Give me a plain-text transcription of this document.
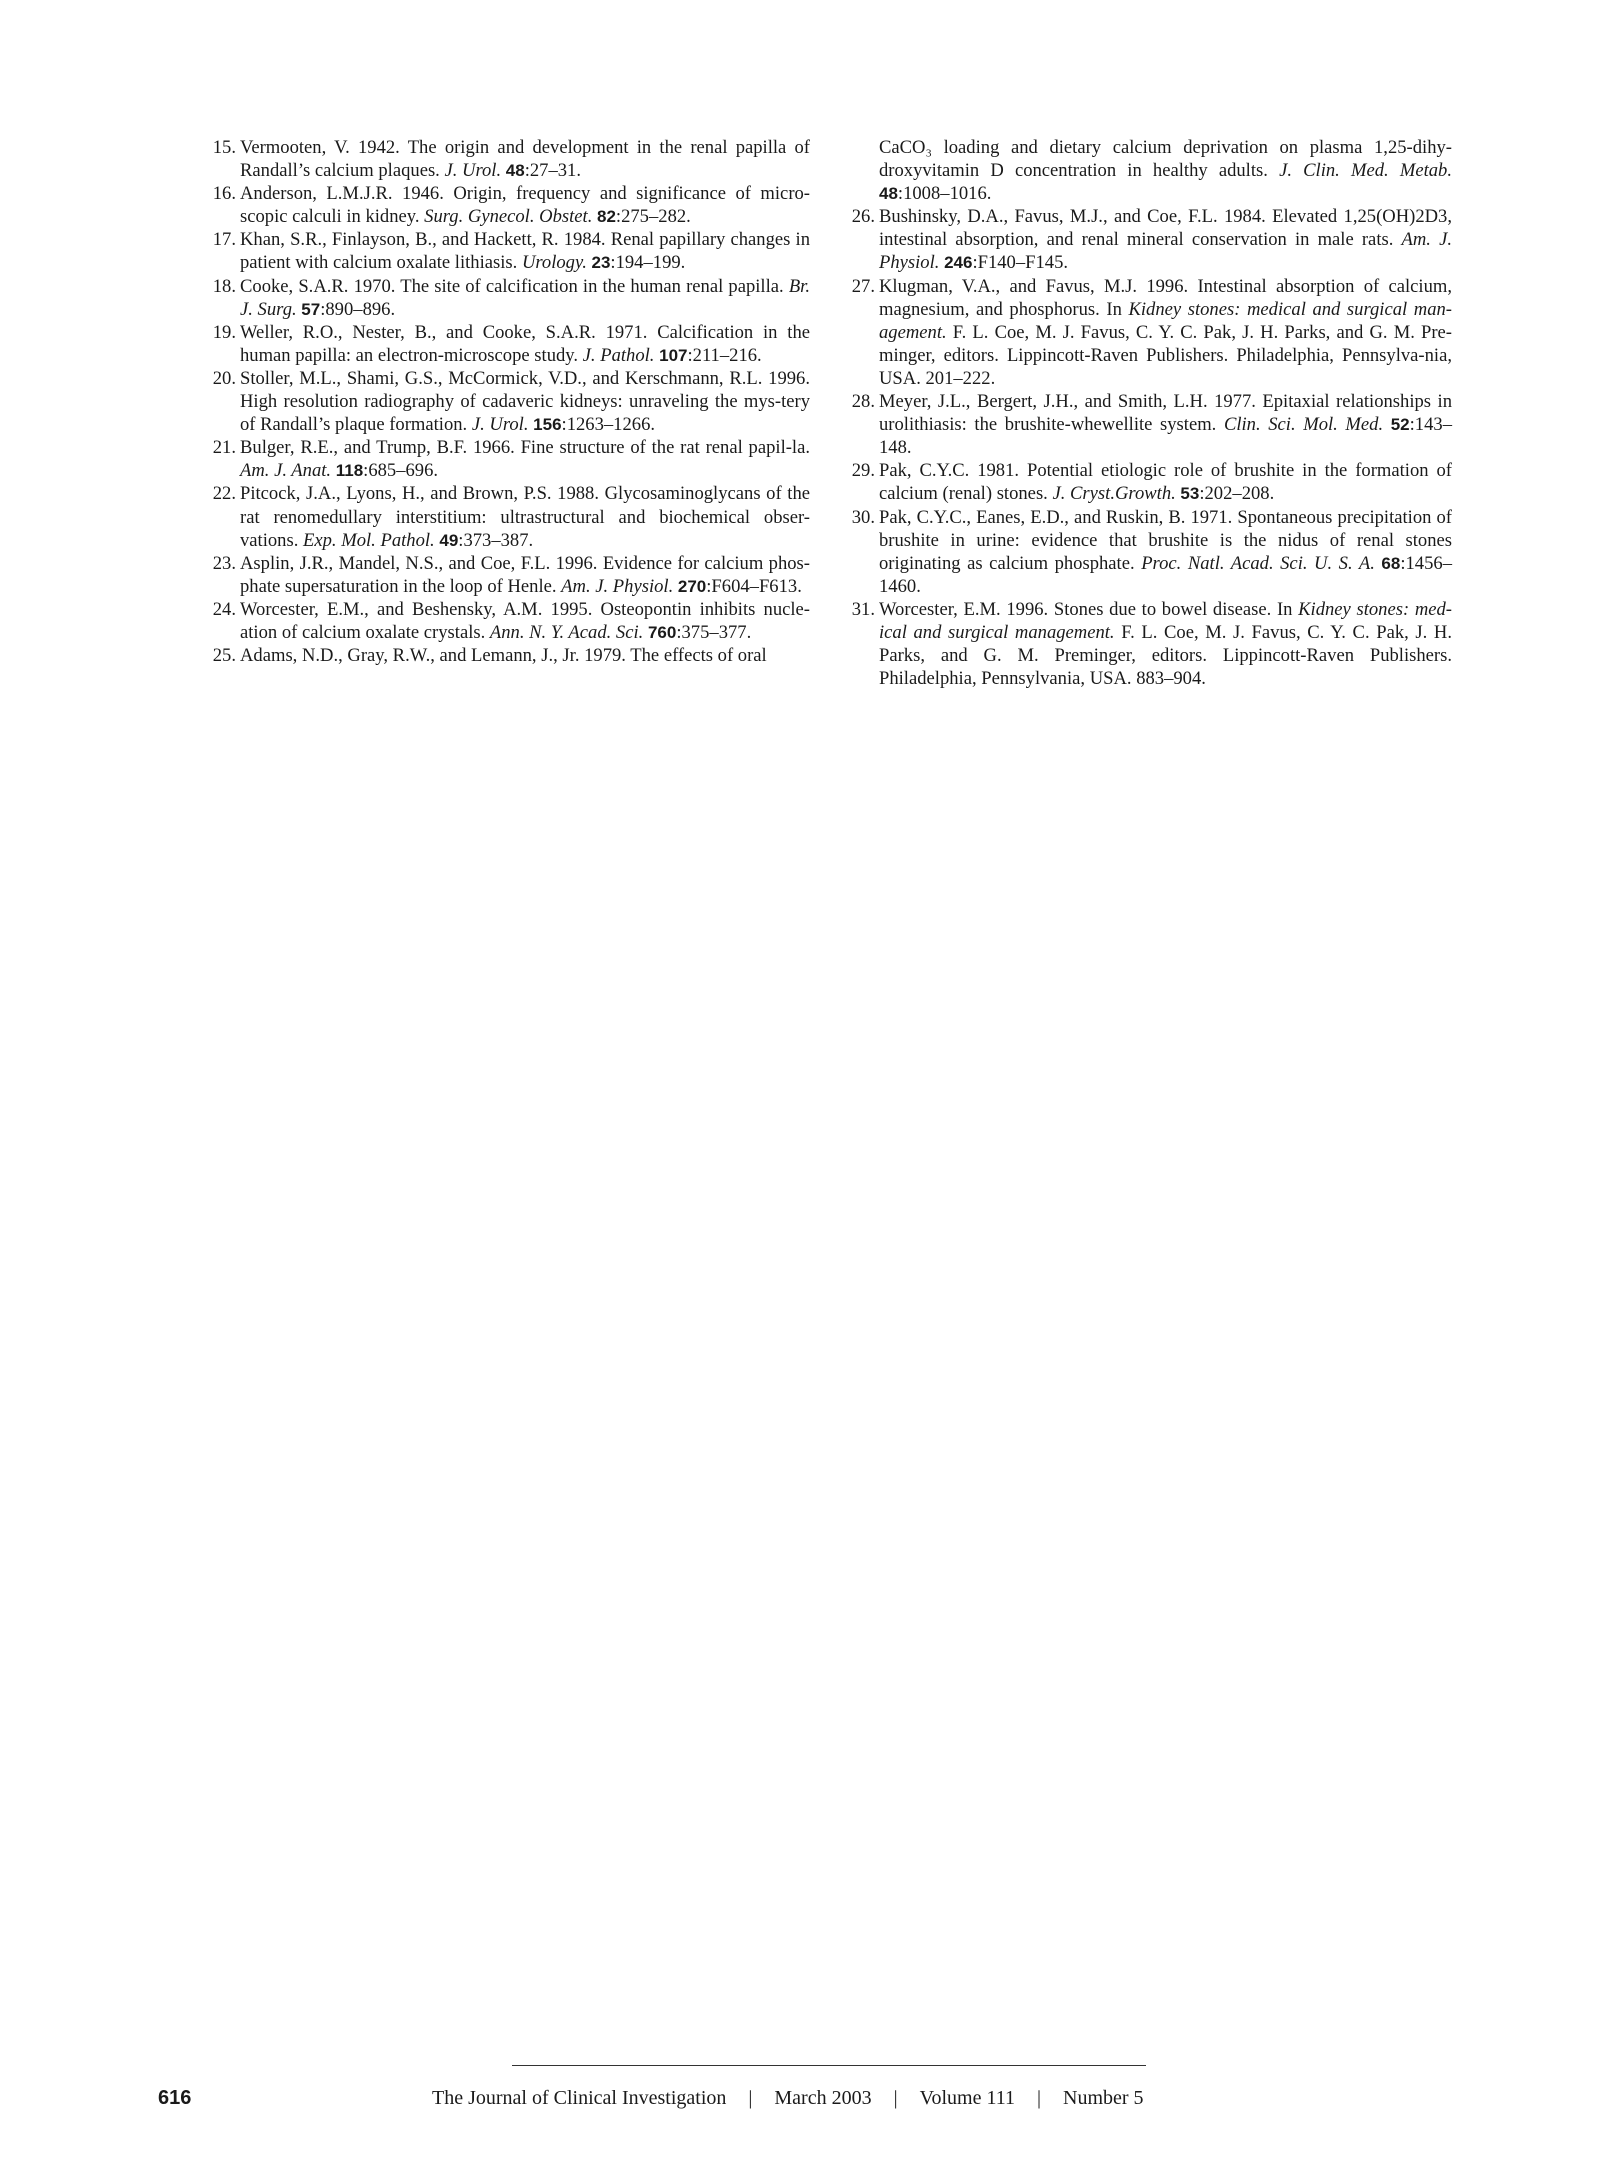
15 . Vermooten, V. 1942. The origin and development in the renal papilla of Randall’s calcium plaques. J. Urol. 48:27–31.
16 . Anderson, L.M.J.R. 1946. Origin, frequency and significance of micro-scopic calculi in kidney. Surg. Gynecol. Obstet. 82:275–282.
17 . Khan, S.R., Finlayson, B., and Hackett, R. 1984. Renal papillary changes in patient with calcium oxalate lithiasis. Urology. 23:194–199.
18 . Cooke, S.A.R. 1970. The site of calcification in the human renal papilla. Br. J. Surg. 57:890–896.
19 . Weller, R.O., Nester, B., and Cooke, S.A.R. 1971. Calcification in the human papilla: an electron-microscope study. J. Pathol. 107:211–216.
20 . Stoller, M.L., Shami, G.S., McCormick, V.D., and Kerschmann, R.L. 1996. High resolution radiography of cadaveric kidneys: unraveling the mys-tery of Randall’s plaque formation. J. Urol. 156:1263–1266.
21 . Bulger, R.E., and Trump, B.F. 1966. Fine structure of the rat renal papil-la. Am. J. Anat. 118:685–696.
22 . Pitcock, J.A., Lyons, H., and Brown, P.S. 1988. Glycosaminoglycans of the rat renomedullary interstitium: ultrastructural and biochemical obser-vations. Exp. Mol. Pathol. 49:373–387.
23 . Asplin, J.R., Mandel, N.S., and Coe, F.L. 1996. Evidence for calcium phos-phate supersaturation in the loop of Henle. Am. J. Physiol. 270:F604–F613.
24 . Worcester, E.M., and Beshensky, A.M. 1995. Osteopontin inhibits nucle-ation of calcium oxalate crystals. Ann. N. Y. Acad. Sci. 760:375–377.
25 . Adams, N.D., Gray, R.W., and Lemann, J., Jr. 1979. The effects of oral
CaCO₃ loading and dietary calcium deprivation on plasma 1,25-dihy-droxyvitamin D concentration in healthy adults. J. Clin. Med. Metab. 48:1008–1016.
26 . Bushinsky, D.A., Favus, M.J., and Coe, F.L. 1984. Elevated 1,25(OH)2D3, intestinal absorption, and renal mineral conservation in male rats. Am. J. Physiol. 246:F140–F145.
27 . Klugman, V.A., and Favus, M.J. 1996. Intestinal absorption of calcium, magnesium, and phosphorus. In Kidney stones: medical and surgical man-agement. F. L. Coe, M. J. Favus, C. Y. C. Pak, J. H. Parks, and G. M. Pre-minger, editors. Lippincott-Raven Publishers. Philadelphia, Pennsylva-nia, USA. 201–222.
28 . Meyer, J.L., Bergert, J.H., and Smith, L.H. 1977. Epitaxial relationships in urolithiasis: the brushite-whewellite system. Clin. Sci. Mol. Med. 52:143–148.
29 . Pak, C.Y.C. 1981. Potential etiologic role of brushite in the formation of calcium (renal) stones. J. Cryst.Growth. 53:202–208.
30 . Pak, C.Y.C., Eanes, E.D., and Ruskin, B. 1971. Spontaneous precipitation of brushite in urine: evidence that brushite is the nidus of renal stones originating as calcium phosphate. Proc. Natl. Acad. Sci. U. S. A. 68:1456–1460.
31 . Worcester, E.M. 1996. Stones due to bowel disease. In Kidney stones: med-ical and surgical management. F. L. Coe, M. J. Favus, C. Y. C. Pak, J. H. Parks, and G. M. Preminger, editors. Lippincott-Raven Publishers. Philadelphia, Pennsylvania, USA. 883–904.
616	The Journal of Clinical Investigation | March 2003 | Volume 111 | Number 5
